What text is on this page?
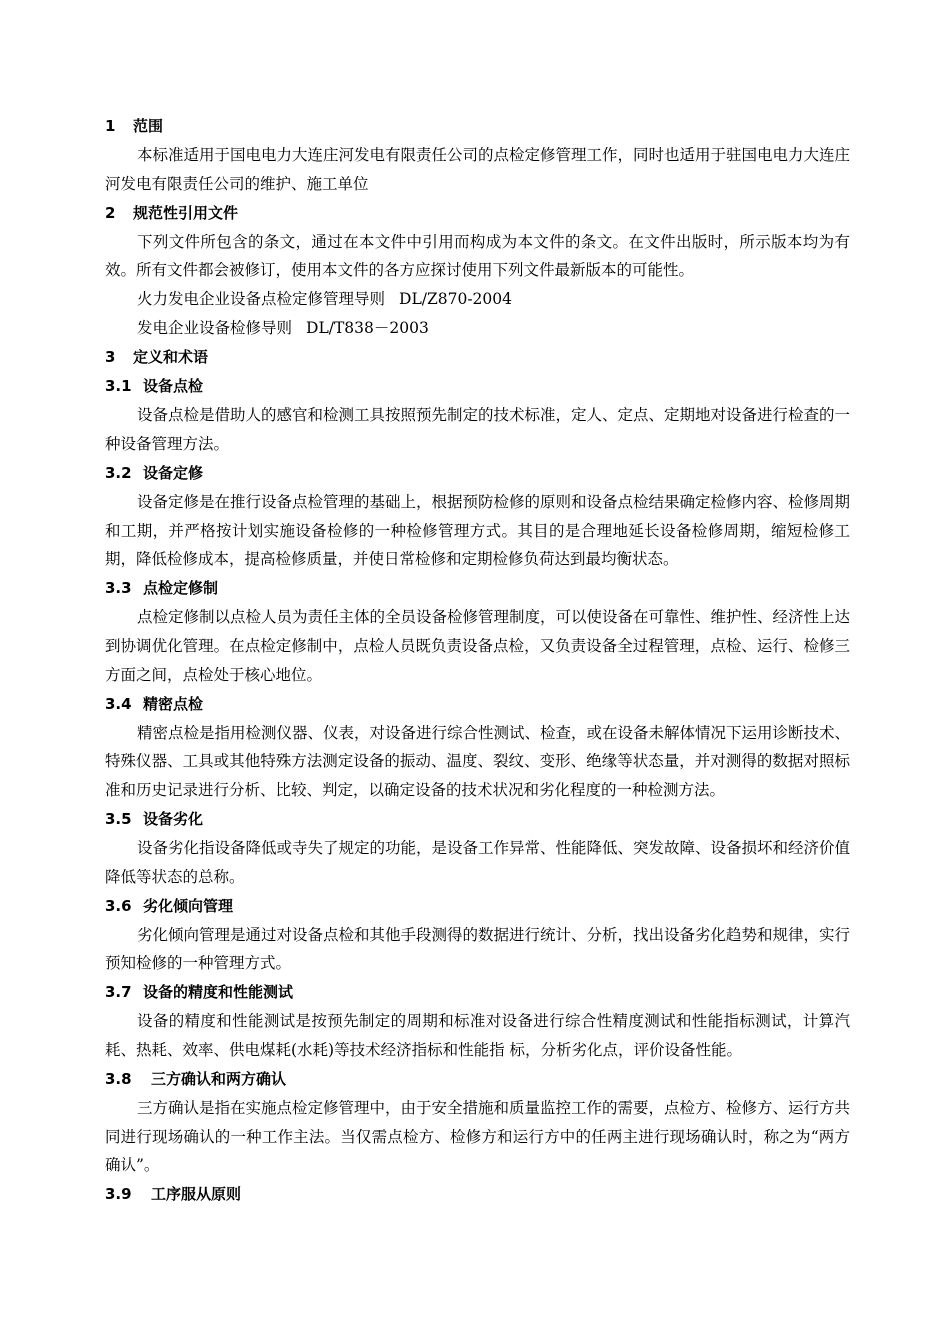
1 范围

本标准适用于国电电力大连庄河发电有限责任公司的点检定修管理工作，同时也适用于驻国电电力大连庄河发电有限责任公司的维护、施工单位

2 规范性引用文件

下列文件所包含的条文，通过在本文件中引用而构成为本文件的条文。在文件出版时，所示版本均为有效。所有文件都会被修订，使用本文件的各方应探讨使用下列文件最新版本的可能性。

火力发电企业设备点检定修管理导则 DL/Z870-2004
发电企业设备检修导则 DL/T838－2003
3 定义和术语
3.1 设备点检

设备点检是借助人的感官和检测工具按照预先制定的技术标准，定人、定点、定期地对设备进行检查的一种设备管理方法。

3.2 设备定修

设备定修是在推行设备点检管理的基础上，根据预防检修的原则和设备点检结果确定检修内容、检修周期和工期，并严格按计划实施设备检修的一种检修管理方式。其目的是合理地延长设备检修周期，缩短检修工期，降低检修成本，提高检修质量，并使日常检修和定期检修负荷达到最均衡状态。

3.3 点检定修制

点检定修制以点检人员为责任主体的全员设备检修管理制度，可以使设备在可靠性、维护性、经济性上达到协调优化管理。在点检定修制中，点检人员既负责设备点检，又负责设备全过程管理，点检、运行、检修三方面之间，点检处于核心地位。

3.4 精密点检

精密点检是指用检测仪器、仪表，对设备进行综合性测试、检查，或在设备未解体情况下运用诊断技术、特殊仪器、工具或其他特殊方法测定设备的振动、温度、裂纹、变形、绝缘等状态量，并对测得的数据对照标准和历史记录进行分析、比较、判定，以确定设备的技术状况和劣化程度的一种检测方法。

3.5 设备劣化

设备劣化指设备降低或寺失了规定的功能，是设备工作异常、性能降低、突发故障、设备损坏和经济价值降低等状态的总称。

3.6 劣化倾向管理

劣化倾向管理是通过对设备点检和其他手段测得的数据进行统计、分析，找出设备劣化趋势和规律，实行预知检修的一种管理方式。

3.7 设备的精度和性能测试

设备的精度和性能测试是按预先制定的周期和标准对设备进行综合性精度测试和性能指标测试，计算汽耗、热耗、效率、供电煤耗(水耗)等技术经济指标和性能指 标，分析劣化点，评价设备性能。

3.8 三方确认和两方确认

三方确认是指在实施点检定修管理中，由于安全措施和质量监控工作的需要，点检方、检修方、运行方共同进行现场确认的一种工作主法。当仅需点检方、检修方和运行方中的任两主进行现场确认时，称之为“两方确认”。

3.9 工序服从原则
